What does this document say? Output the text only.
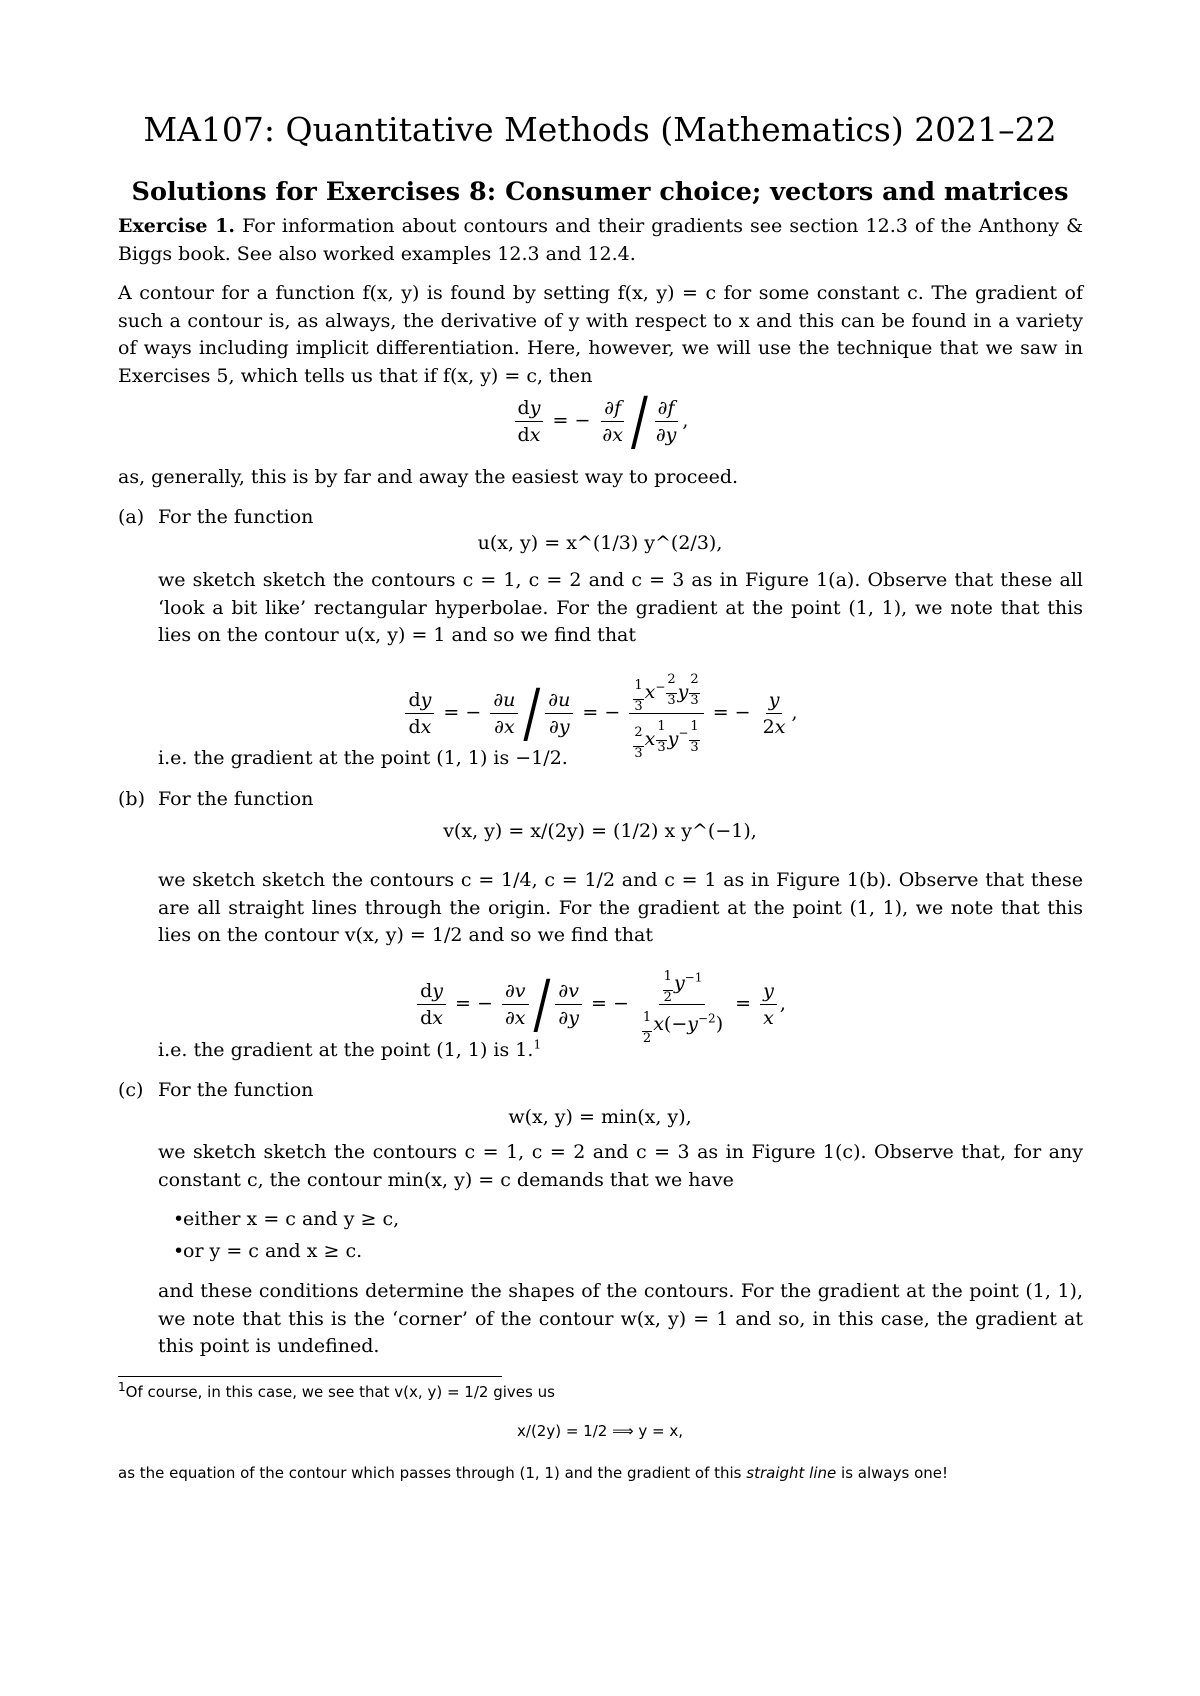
MA107: Quantitative Methods (Mathematics) 2021–22
Solutions for Exercises 8: Consumer choice; vectors and matrices
Exercise 1. For information about contours and their gradients see section 12.3 of the Anthony & Biggs book. See also worked examples 12.3 and 12.4.
A contour for a function f(x, y) is found by setting f(x, y) = c for some constant c. The gradient of such a contour is, as always, the derivative of y with respect to x and this can be found in a variety of ways including implicit differentiation. Here, however, we will use the technique that we saw in Exercises 5, which tells us that if f(x, y) = c, then
$\frac{dy}{dx}$ = − $\frac{\partial f}{\partial x} / \frac{\partial f}{\partial y}$ ,
as, generally, this is by far and away the easiest way to proceed.
(a) For the function
u(x, y) = x^(1/3) y^(2/3),
we sketch sketch the contours c = 1, c = 2 and c = 3 as in Figure 1(a). Observe that these all ‘look a bit like’ rectangular hyperbolae. For the gradient at the point (1, 1), we note that this lies on the contour u(x, y) = 1 and so we find that
$\frac{dy}{dx}$ = − $\frac{\partial u}{\partial x} / \frac{\partial u}{\partial y}$ = − $\frac{1}{3} x^{- \frac{2}{3}}$ y $^{\frac{2}{3}}$
$\frac{2}{3}$ x $^{\frac{1}{3}}$ $y^{- \frac{1}{3}}$ = − $\frac{y}{2x}$ ,
i.e. the gradient at the point (1, 1) is −1/2.
(b) For the function
v(x, y) = x/(2y) = (1/2) x y^(−1),
we sketch sketch the contours c = 1/4, c = 1/2 and c = 1 as in Figure 1(b). Observe that these are all straight lines through the origin. For the gradient at the point (1, 1), we note that this lies on the contour v(x, y) = 1/2 and so we find that
$\frac{dy}{dx}$ = − $\frac{\partial v}{\partial x} / \frac{\partial v}{\partial y}$ = − $\frac{\frac{1}{2} y^{-1}}{\frac{1}{2} x(-y^{-2})} = \frac{y}{x}$ ,
i.e. the gradient at the point (1, 1) is 1.$^1$
(c) For the function
w(x, y) = min(x, y),
we sketch sketch the contours c = 1, c = 2 and c = 3 as in Figure 1(c). Observe that, for any constant c, the contour min(x, y) = c demands that we have
•
either x = c and y ≥ c,
•
or y = c and x ≥ c.
and these conditions determine the shapes of the contours. For the gradient at the point (1, 1), we note that this is the ‘corner’ of the contour w(x, y) = 1 and so, in this case, the gradient at this point is undefined.
$^1$Of course, in this case, we see that v(x, y) = 1/2 gives us
x/(2y) = 1/2 ⟹ y = x,
as the equation of the contour which passes through (1, 1) and the gradient of this straight line is always one!
